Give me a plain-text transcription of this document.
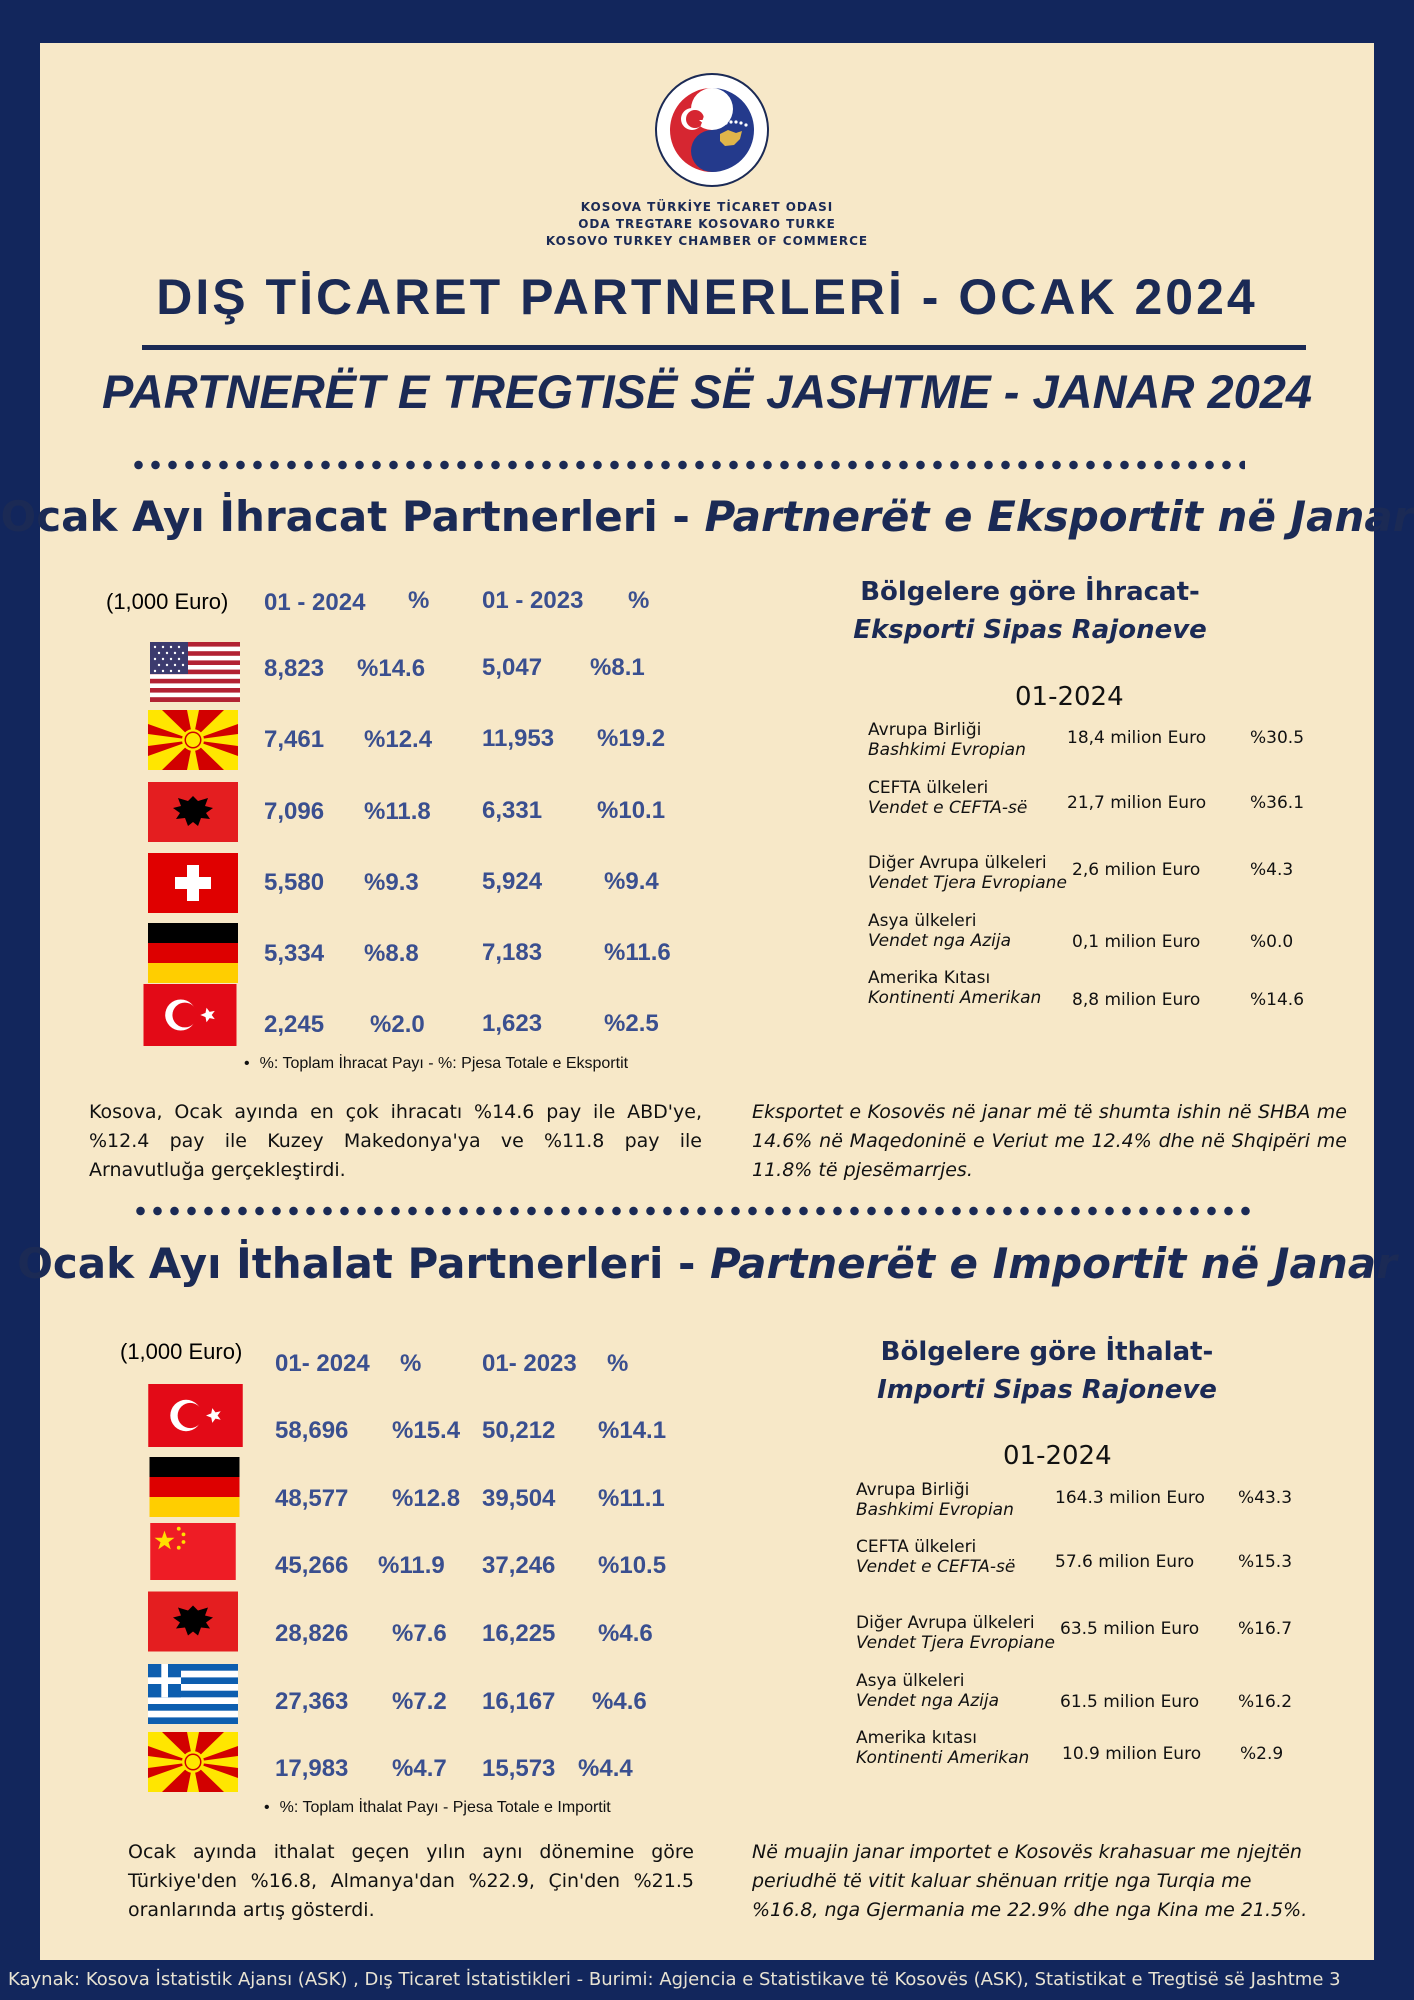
KOSOVA TÜRKİYE TİCARET ODASI
ODA TREGTARE KOSOVARO TURKE
KOSOVO TURKEY CHAMBER OF COMMERCE
DIŞ TİCARET PARTNERLERİ - OCAK 2024
PARTNERËT E TREGTISË SË JASHTME - JANAR 2024
Ocak Ayı İhracat Partnerleri - Partnerët e Eksportit në Janar
(1,000 Euro) 01 - 2024 % 01 - 2023 %
8,823 %14.6 5,047 %8.1
7,461 %12.4 11,953 %19.2
7,096 %11.8 6,331 %10.1
5,580 %9.3	5,924	%9.4
5,334 %8.8	7,183	%11.6
2,245 %2.0 1,623	%2.5
• %: Toplam İhracat Payı - %: Pjesa Totale e Eksportit
Bölgelere göre İhracat-
Eksporti Sipas Rajoneve
01-2024
Avrupa Birliği
Bashkimi Evropian
18,4 milion Euro	%30.5
CEFTA ülkeleri
Vendet e CEFTA-së 21,7 milion Euro	%36.1
Diğer Avrupa ülkeleri
Vendet Tjera Evropiane
2,6 milion Euro	%4.3
Asya ülkeleri
Vendet nga Azija	0,1 milion Euro	%0.0
Amerika Kıtası
Kontinenti Amerikan 8,8 milion Euro	%14.6
Kosova, Ocak ayında en çok ihracatı %14.6 pay ile ABD'ye, %12.4 pay ile Kuzey Makedonya'ya ve %11.8 pay ile Arnavutluğa gerçekleştirdi.
Eksportet e Kosovës në janar më të shumta ishin në SHBA me 14.6% në Maqedoninë e Veriut me 12.4% dhe në Shqipëri me 11.8% të pjesëmarrjes.
Ocak Ayı İthalat Partnerleri - Partnerët e Importit në Janar
(1,000 Euro) 01- 2024 %	01- 2023 %
58,696 %15.4 50,212 %14.1
48,577 %12.8 39,504 %11.1
45,266 %11.9 37,246 %10.5
28,826 %7.6 16,225 %4.6
27,363 %7.2 16,167 %4.6
17,983 %4.7 15,573 %4.4
• %: Toplam İthalat Payı - Pjesa Totale e Importit
Bölgelere göre İthalat-
Importi Sipas Rajoneve
01-2024
Avrupa Birliği
Bashkimi Evropian
164.3 milion Euro %43.3
CEFTA ülkeleri
Vendet e CEFTA-së 57.6 milion Euro	%15.3
Diğer Avrupa ülkeleri
Vendet Tjera Evropiane
63.5 milion Euro %16.7
Asya ülkeleri
Vendet nga Azija	61.5 milion Euro %16.2
Amerika kıtası
Kontinenti Amerikan 10.9 milion Euro %2.9
Ocak ayında ithalat geçen yılın aynı dönemine göre Türkiye'den %16.8, Almanya'dan %22.9, Çin'den %21.5 oranlarında artış gösterdi.
Në muajin janar importet e Kosovës krahasuar me njejtën periudhë të vitit kaluar shënuan rritje nga Turqia me %16.8, nga Gjermania me 22.9% dhe nga Kina me 21.5%.
Kaynak: Kosova İstatistik Ajansı (ASK) , Dış Ticaret İstatistikleri - Burimi: Agjencia e Statistikave të Kosovës (ASK), Statistikat e Tregtisë së Jashtme 3
